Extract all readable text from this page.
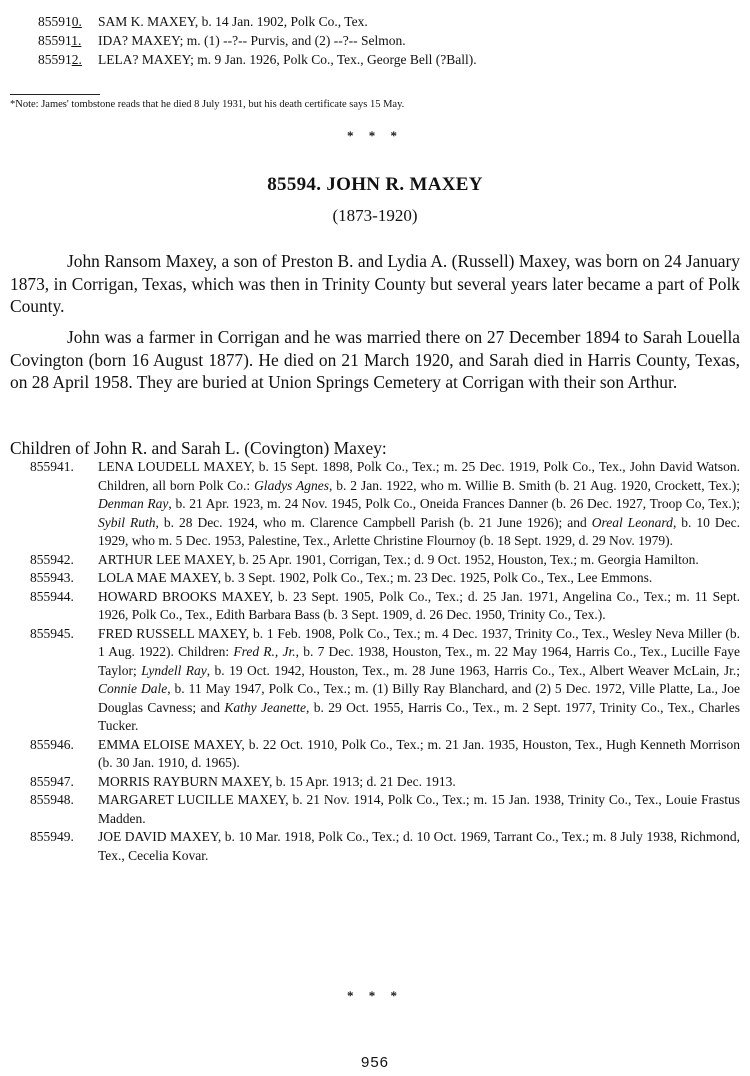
855910. SAM K. MAXEY, b. 14 Jan. 1902, Polk Co., Tex.
855911. IDA? MAXEY; m. (1) --?-- Purvis, and (2) --?-- Selmon.
855912. LELA? MAXEY; m. 9 Jan. 1926, Polk Co., Tex., George Bell (?Ball).
*Note: James' tombstone reads that he died 8 July 1931, but his death certificate says 15 May.
* * *
85594. JOHN R. MAXEY
(1873-1920)

John Ransom Maxey, a son of Preston B. and Lydia A. (Russell) Maxey, was born on 24 January 1873, in Corrigan, Texas, which was then in Trinity County but several years later became a part of Polk County.

John was a farmer in Corrigan and he was married there on 27 December 1894 to Sarah Louella Covington (born 16 August 1877). He died on 21 March 1920, and Sarah died in Harris County, Texas, on 28 April 1958. They are buried at Union Springs Cemetery at Corrigan with their son Arthur.

Children of John R. and Sarah L. (Covington) Maxey:
855941.	LENA LOUDELL MAXEY, b. 15 Sept. 1898, Polk Co., Tex.; m. 25 Dec. 1919, Polk Co., Tex., John David Watson. Children, all born Polk Co.: Gladys Agnes, b. 2 Jan. 1922, who m. Willie B. Smith (b. 21 Aug. 1920, Crockett, Tex.); Denman Ray, b. 21 Apr. 1923, m. 24 Nov. 1945, Polk Co., Oneida Frances Danner (b. 26 Dec. 1927, Troop Co, Tex.); Sybil Ruth, b. 28 Dec. 1924, who m. Clarence Campbell Parish (b. 21 June 1926); and Oreal Leonard, b. 10 Dec. 1929, who m. 5 Dec. 1953, Palestine, Tex., Arlette Christine Flournoy (b. 18 Sept. 1929, d. 29 Nov. 1979).
855942.	ARTHUR LEE MAXEY, b. 25 Apr. 1901, Corrigan, Tex.; d. 9 Oct. 1952, Houston, Tex.; m. Georgia Hamilton.
855943.	LOLA MAE MAXEY, b. 3 Sept. 1902, Polk Co., Tex.; m. 23 Dec. 1925, Polk Co., Tex., Lee Emmons.
855944.	HOWARD BROOKS MAXEY, b. 23 Sept. 1905, Polk Co., Tex.; d. 25 Jan. 1971, Angelina Co., Tex.; m. 11 Sept. 1926, Polk Co., Tex., Edith Barbara Bass (b. 3 Sept. 1909, d. 26 Dec. 1950, Trinity Co., Tex.).
855945.	FRED RUSSELL MAXEY, b. 1 Feb. 1908, Polk Co., Tex.; m. 4 Dec. 1937, Trinity Co., Tex., Wesley Neva Miller (b. 1 Aug. 1922). Children: Fred R., Jr., b. 7 Dec. 1938, Houston, Tex., m. 22 May 1964, Harris Co., Tex., Lucille Faye Taylor; Lyndell Ray, b. 19 Oct. 1942, Houston, Tex., m. 28 June 1963, Harris Co., Tex., Albert Weaver McLain, Jr.; Connie Dale, b. 11 May 1947, Polk Co., Tex.; m. (1) Billy Ray Blanchard, and (2) 5 Dec. 1972, Ville Platte, La., Joe Douglas Cavness; and Kathy Jeanette, b. 29 Oct. 1955, Harris Co., Tex., m. 2 Sept. 1977, Trinity Co., Tex., Charles Tucker.
855946.	EMMA ELOISE MAXEY, b. 22 Oct. 1910, Polk Co., Tex.; m. 21 Jan. 1935, Houston, Tex., Hugh Kenneth Morrison (b. 30 Jan. 1910, d. 1965).
855947.	MORRIS RAYBURN MAXEY, b. 15 Apr. 1913; d. 21 Dec. 1913.
855948.	MARGARET LUCILLE MAXEY, b. 21 Nov. 1914, Polk Co., Tex.; m. 15 Jan. 1938, Trinity Co., Tex., Louie Frastus Madden.
855949.	JOE DAVID MAXEY, b. 10 Mar. 1918, Polk Co., Tex.; d. 10 Oct. 1969, Tarrant Co., Tex.; m. 8 July 1938, Richmond, Tex., Cecelia Kovar.
* * *
956
